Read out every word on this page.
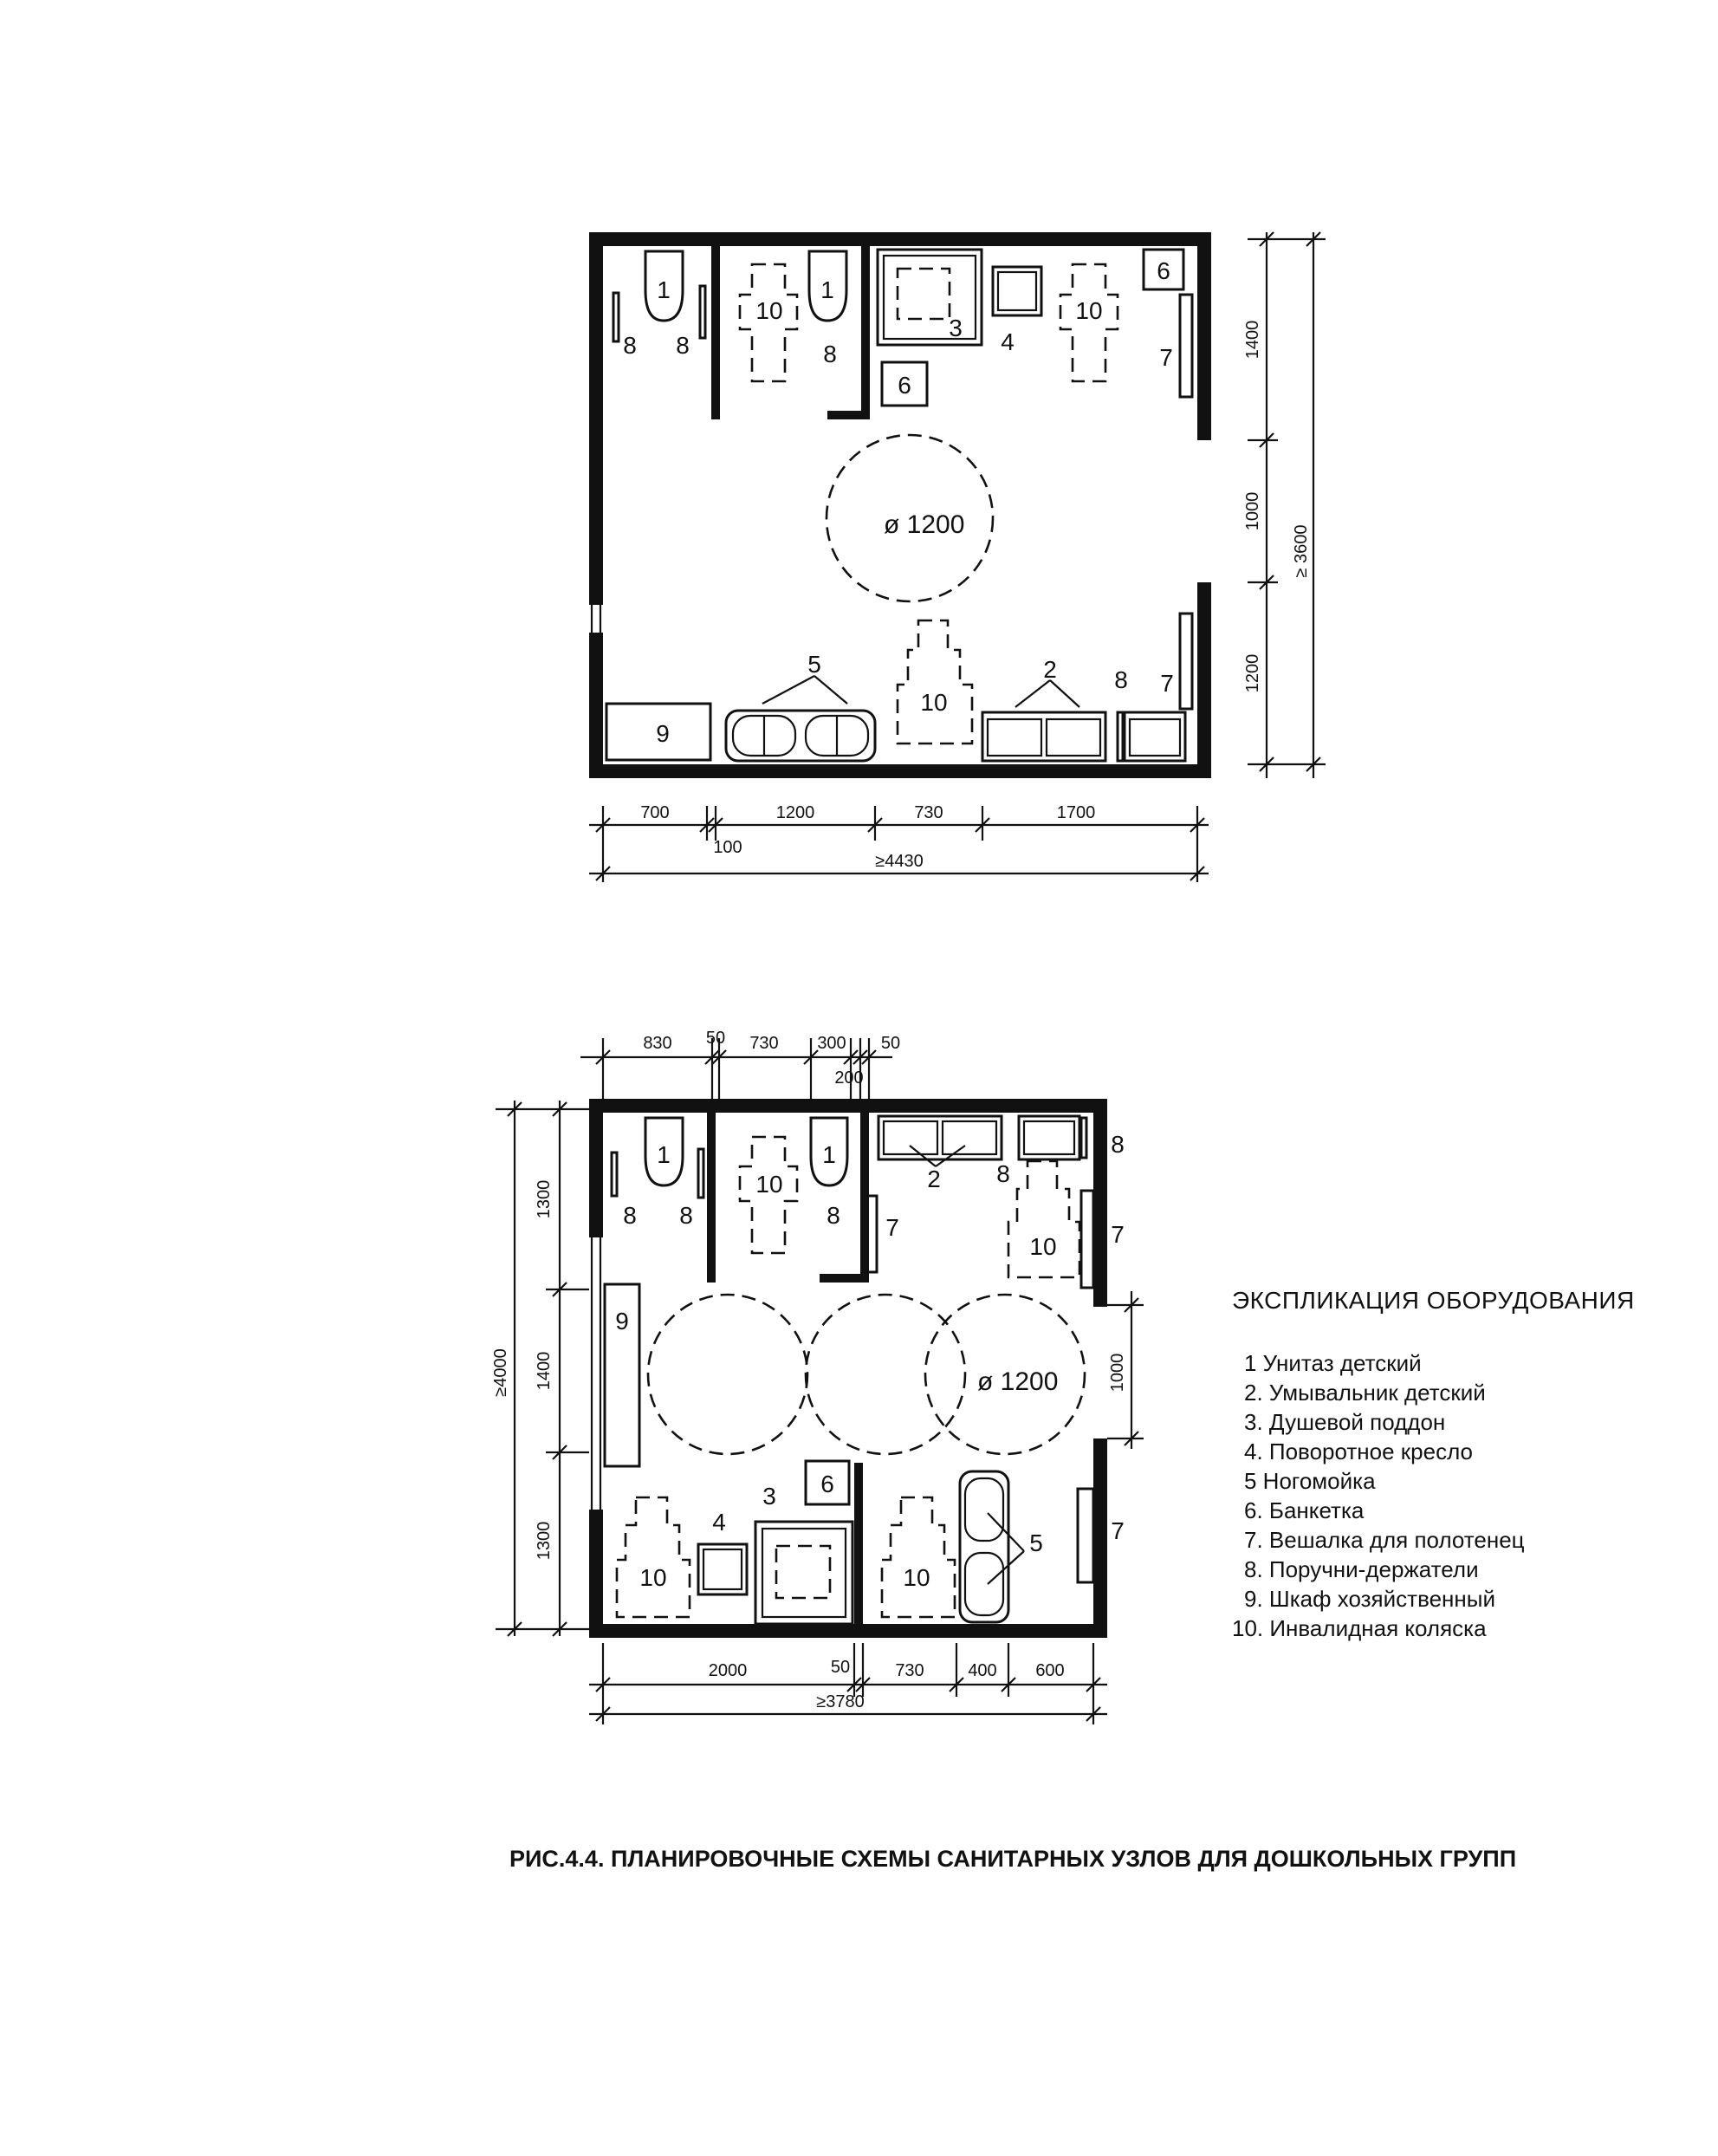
ø 1200
1	1
10	10
10
3
4
6
6
7
7
8 8	8
8
9
5	2
700
100
1200	730	1700
≥4430
1400
1000
1200
≥ 3600
ø 1200
1	1
10
10
10	10
8 8	8
8
8
2
7	7
7
9
3
4
6
5
830 50 730 300 50
200
1300
1400
1300
≥4000	1000
2000	50	730	400 600
≥3780
ЭКСПЛИКАЦИЯ ОБОРУДОВАНИЯ
1 Унитаз детский
2. Умывальник детский
3. Душевой поддон
4. Поворотное кресло
5 Ногомойка
6. Банкетка
7. Вешалка для полотенец
8. Поручни-держатели
9. Шкаф хозяйственный
10. Инвалидная коляска
РИС.4.4. ПЛАНИРОВОЧНЫЕ СХЕМЫ САНИТАРНЫХ УЗЛОВ ДЛЯ ДОШКОЛЬНЫХ ГРУПП
